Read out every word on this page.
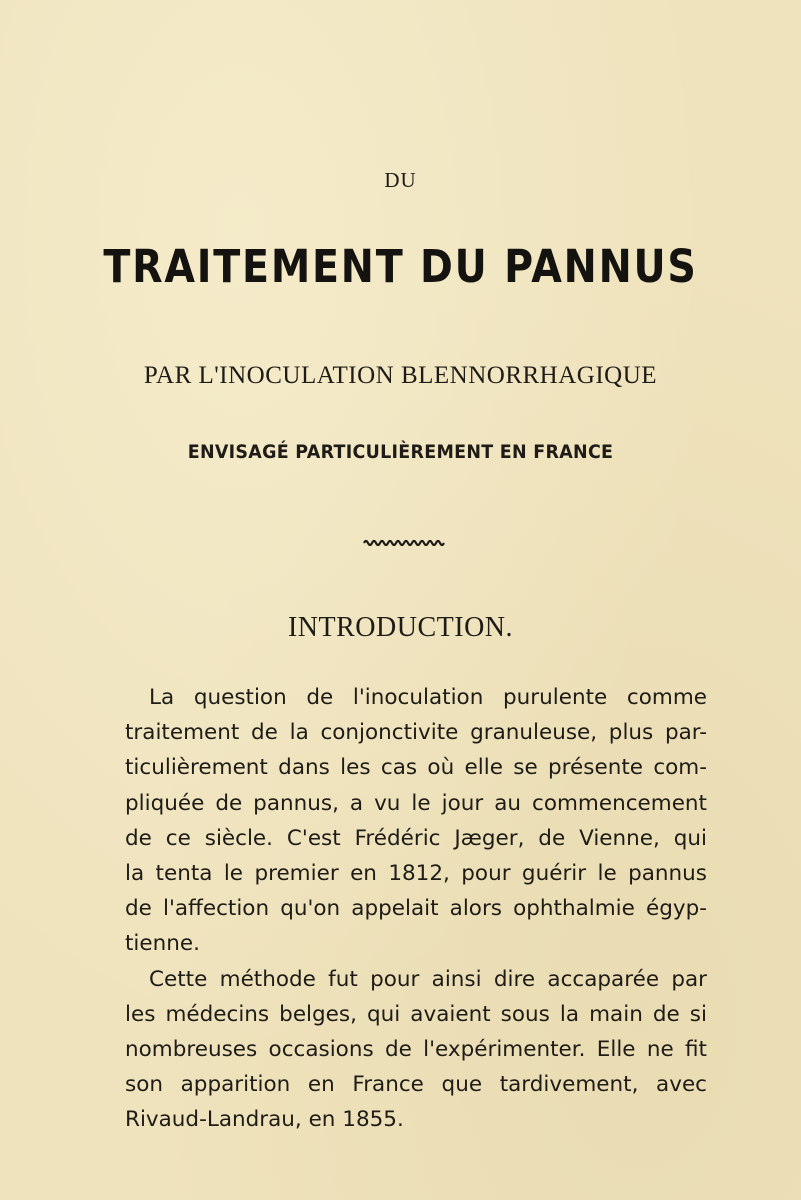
DU
TRAITEMENT DU PANNUS
PAR L'INOCULATION BLENNORRHAGIQUE
ENVISAGÉ PARTICULIÈREMENT EN FRANCE
INTRODUCTION.
La question de l'inoculation purulente comme
traitement de la conjonctivite granuleuse, plus par-
ticulièrement dans les cas où elle se présente com-
pliquée de pannus, a vu le jour au commencement
de ce siècle. C'est Frédéric Jæger, de Vienne, qui
la tenta le premier en 1812, pour guérir le pannus
de l'affection qu'on appelait alors ophthalmie égyp-
tienne.
Cette méthode fut pour ainsi dire accaparée par
les médecins belges, qui avaient sous la main de si
nombreuses occasions de l'expérimenter. Elle ne fit
son apparition en France que tardivement, avec
Rivaud-Landrau, en 1855.
